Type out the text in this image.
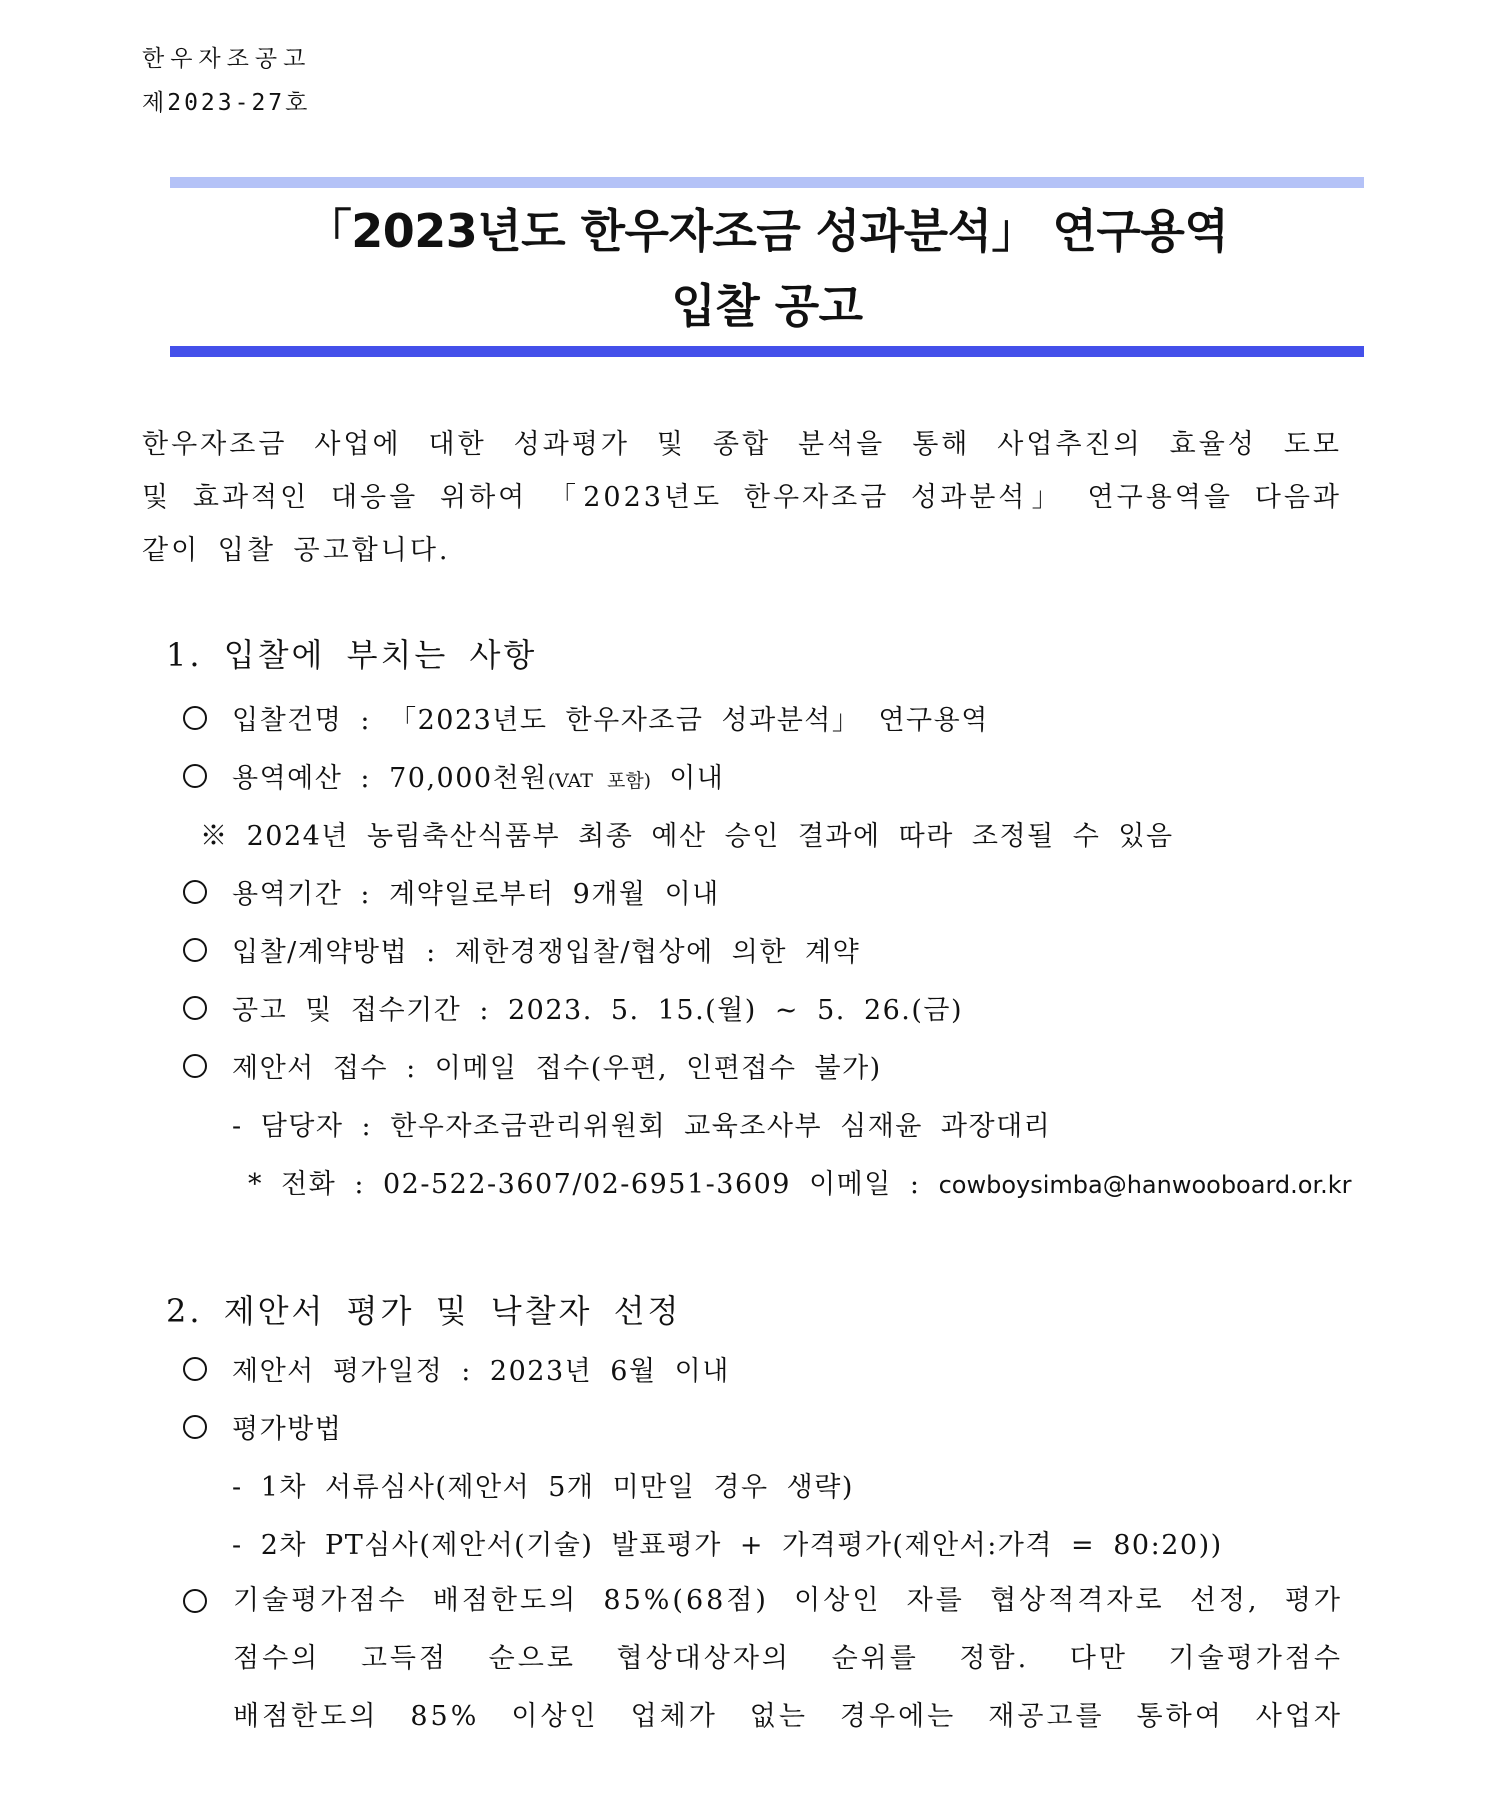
한우자조공고
제2023-27호
「2023년도 한우자조금 성과분석」 연구용역
입찰 공고
한우자조금 사업에 대한 성과평가 및 종합 분석을 통해 사업추진의 효율성 도모
및 효과적인 대응을 위하여 「2023년도 한우자조금 성과분석」 연구용역을 다음과
같이 입찰 공고합니다.
1. 입찰에 부치는 사항
입찰건명 : 「2023년도 한우자조금 성과분석」 연구용역
용역예산 : 70,000천원(VAT 포함) 이내
※ 2024년 농림축산식품부 최종 예산 승인 결과에 따라 조정될 수 있음
용역기간 : 계약일로부터 9개월 이내
입찰/계약방법 : 제한경쟁입찰/협상에 의한 계약
공고 및 접수기간 : 2023. 5. 15.(월) ~ 5. 26.(금)
제안서 접수 : 이메일 접수(우편, 인편접수 불가)
- 담당자 : 한우자조금관리위원회 교육조사부 심재윤 과장대리
* 전화 : 02-522-3607/02-6951-3609 이메일 : cowboysimba@hanwooboard.or.kr
2. 제안서 평가 및 낙찰자 선정
제안서 평가일정 : 2023년 6월 이내
평가방법
- 1차 서류심사(제안서 5개 미만일 경우 생략)
- 2차 PT심사(제안서(기술) 발표평가 + 가격평가(제안서:가격 = 80:20))
기술평가점수 배점한도의 85%(68점) 이상인 자를 협상적격자로 선정, 평가
점수의 고득점 순으로 협상대상자의 순위를 정함. 다만 기술평가점수
배점한도의 85% 이상인 업체가 없는 경우에는 재공고를 통하여 사업자
